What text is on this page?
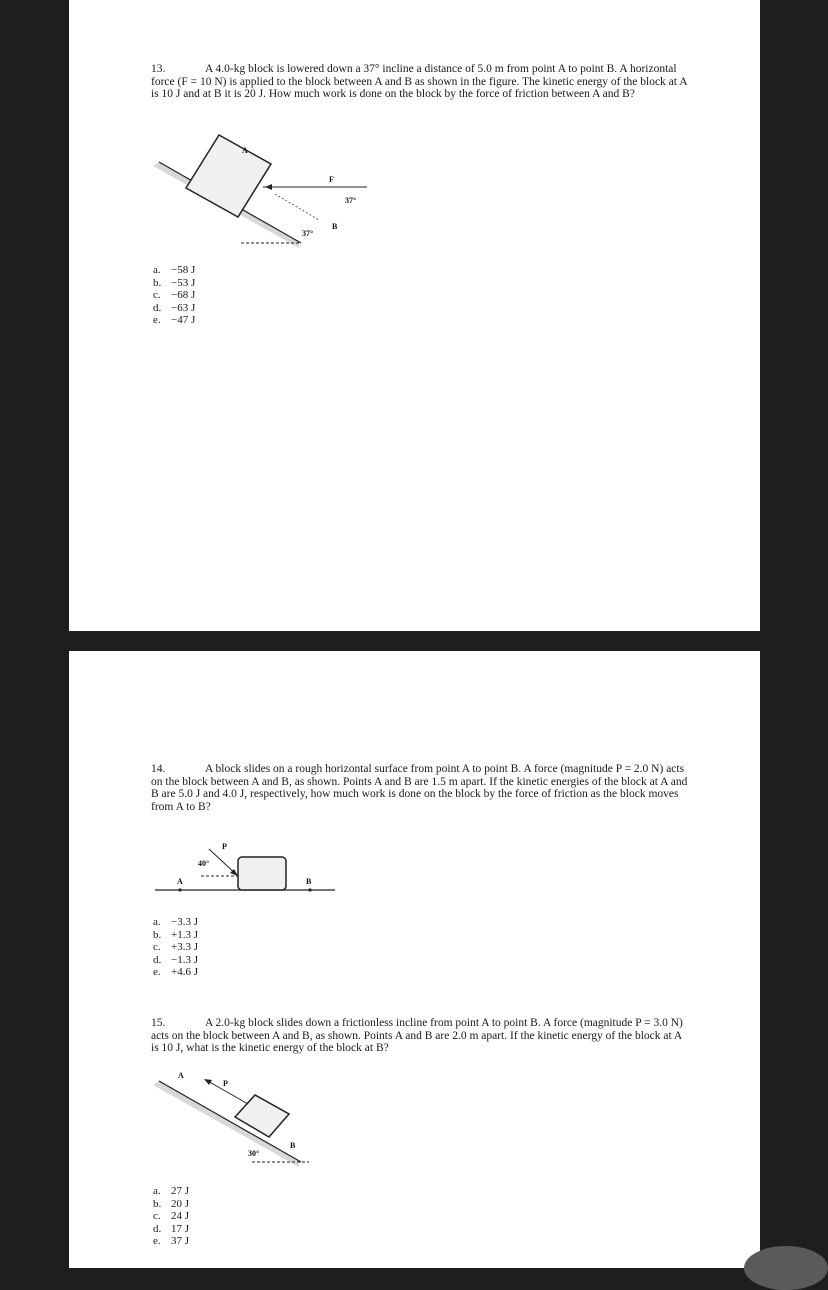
13.	A 4.0-kg block is lowered down a 37° incline a distance of 5.0 m from point A to point B. A horizontal force (F = 10 N) is applied to the block between A and B as shown in the figure. The kinetic energy of the block at A is 10 J and at B it is 20 J. How much work is done on the block by the force of friction between A and B?
F
37°
A
B
37°
a. −58 J
b. −53 J
c. −68 J
d. −63 J
e. −47 J
14.	A block slides on a rough horizontal surface from point A to point B. A force (magnitude P = 2.0 N) acts on the block between A and B, as shown. Points A and B are 1.5 m apart. If the kinetic energies of the block at A and B are 5.0 J and 4.0 J, respectively, how much work is done on the block by the force of friction as the block moves from A to B?
P
40°
A	B
a. −3.3 J
b. +1.3 J
c. +3.3 J
d. −1.3 J
e. +4.6 J
15.	A 2.0-kg block slides down a frictionless incline from point A to point B. A force (magnitude P = 3.0 N) acts on the block between A and B, as shown. Points A and B are 2.0 m apart. If the kinetic energy of the block at A is 10 J, what is the kinetic energy of the block at B?
A
P
B
30°
a. 27 J
b. 20 J
c. 24 J
d. 17 J
e. 37 J
